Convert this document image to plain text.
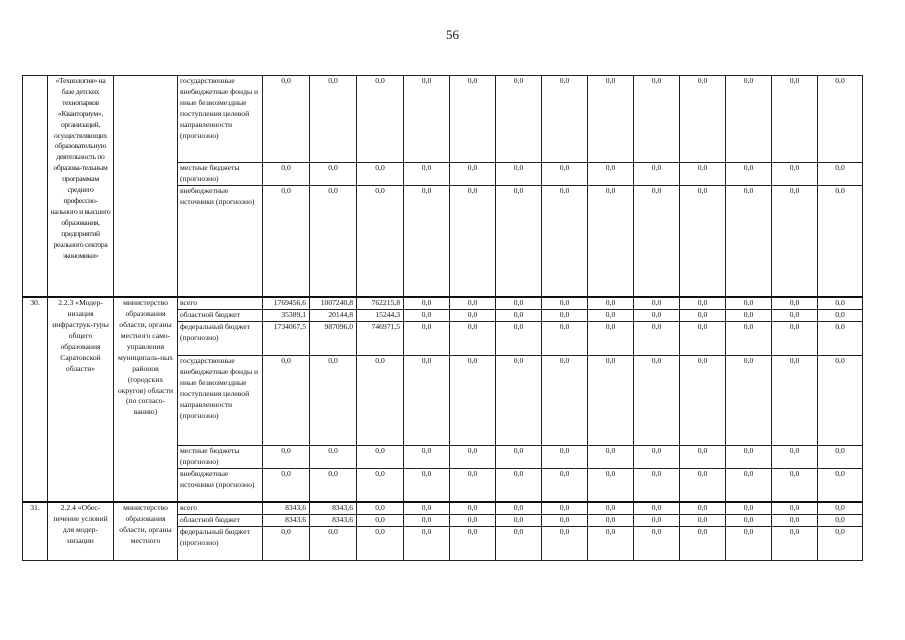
56
	«Технология» на базе детских технопарков «Кванториум», организаций, осуществляющих образовательную деятельность по образова-тельным программам среднего профессио-нального и высшего образования, предприятий реального сектора экономики»		государственные внебюджетные фонды и иные безвозмездные поступления целевой направленности (прогнозно)	0,0	0,0	0,0	0,0	0,0	0,0	0,0	0,0	0,0	0,0	0,0	0,0	0,0
			местные бюджеты (прогнозно)	0,0	0,0	0,0	0,0	0,0	0,0	0,0	0,0	0,0	0,0	0,0	0,0	0,0
			внебюджетные источники (прогнозно)	0,0	0,0	0,0	0,0	0,0	0,0	0,0	0,0	0,0	0,0	0,0	0,0	0,0
30.	2.2.3 «Модер-низация инфраструк-туры общего образования Саратовской области»	министерство образования области, органы местного само-управления муниципаль-ных районов (городских округов) области (по согласо-ванию)	всего	1769456,6	1007240,8	762215,8	0,0	0,0	0,0	0,0	0,0	0,0	0,0	0,0	0,0	0,0
			областной бюджет	35389,1	20144,8	15244,3	0,0	0,0	0,0	0,0	0,0	0,0	0,0	0,0	0,0	0,0
			федеральный бюджет (прогнозно)	1734067,5	987096,0	746971,5	0,0	0,0	0,0	0,0	0,0	0,0	0,0	0,0	0,0	0,0
			государственные внебюджетные фонды и иные безвозмездные поступления целевой направленности (прогнозно)	0,0	0,0	0,0	0,0	0,0	0,0	0,0	0,0	0,0	0,0	0,0	0,0	0,0
			местные бюджеты (прогнозно)	0,0	0,0	0,0	0,0	0,0	0,0	0,0	0,0	0,0	0,0	0,0	0,0	0,0
			внебюджетные источники (прогнозно)	0,0	0,0	0,0	0,0	0,0	0,0	0,0	0,0	0,0	0,0	0,0	0,0	0,0
31.	2.2.4 «Обес-печение условий для модер-низации	министерство образования области, органы местного	всего	8343,6	8343,6	0,0	0,0	0,0	0,0	0,0	0,0	0,0	0,0	0,0	0,0	0,0
			областной бюджет	8343,6	8343,6	0,0	0,0	0,0	0,0	0,0	0,0	0,0	0,0	0,0	0,0	0,0
			федеральный бюджет (прогнозно)	0,0	0,0	0,0	0,0	0,0	0,0	0,0	0,0	0,0	0,0	0,0	0,0	0,0
